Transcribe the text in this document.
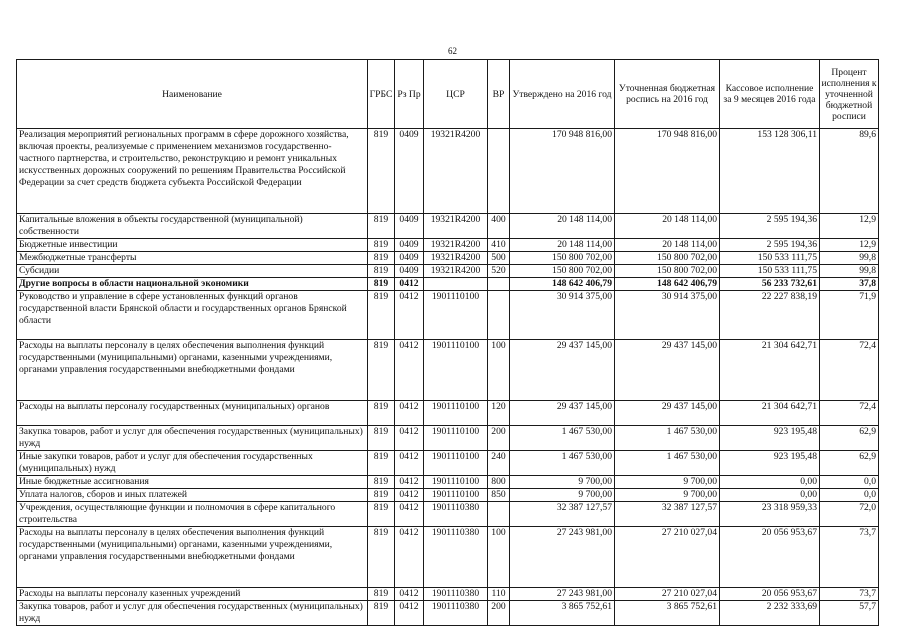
62
Наименование	ГРБС	Рз Пр	ЦСР	ВР	Утверждено на 2016 год	Уточненная бюджетная роспись на 2016 год	Кассовое исполнение за 9 месяцев 2016 года	Процент исполнения к уточненной бюджетной росписи
Реализация мероприятий региональных программ в сфере дорожного хозяйства, включая проекты, реализуемые с применением механизмов государственно-частного партнерства, и строительство, реконструкцию и ремонт уникальных искусственных дорожных сооружений по решениям Правительства Российской Федерации за счет средств бюджета субъекта Российской Федерации	819	0409	19321R4200		170 948 816,00	170 948 816,00	153 128 306,11	89,6
Капитальные вложения в объекты государственной (муниципальной) собственности	819	0409	19321R4200	400	20 148 114,00	20 148 114,00	2 595 194,36	12,9
Бюджетные инвестиции	819	0409	19321R4200	410	20 148 114,00	20 148 114,00	2 595 194,36	12,9
Межбюджетные трансферты	819	0409	19321R4200	500	150 800 702,00	150 800 702,00	150 533 111,75	99,8
Субсидии	819	0409	19321R4200	520	150 800 702,00	150 800 702,00	150 533 111,75	99,8
Другие вопросы в области национальной экономики	819	0412			148 642 406,79	148 642 406,79	56 233 732,61	37,8
Руководство и управление в сфере установленных функций органов государственной власти Брянской области и государственных органов Брянской области	819	0412	1901110100		30 914 375,00	30 914 375,00	22 227 838,19	71,9
Расходы на выплаты персоналу в целях обеспечения выполнения функций государственными (муниципальными) органами, казенными учреждениями, органами управления государственными внебюджетными фондами	819	0412	1901110100	100	29 437 145,00	29 437 145,00	21 304 642,71	72,4
Расходы на выплаты персоналу государственных (муниципальных) органов	819	0412	1901110100	120	29 437 145,00	29 437 145,00	21 304 642,71	72,4
Закупка товаров, работ и услуг для обеспечения государственных (муниципальных) нужд	819	0412	1901110100	200	1 467 530,00	1 467 530,00	923 195,48	62,9
Иные закупки товаров, работ и услуг для обеспечения государственных (муниципальных) нужд	819	0412	1901110100	240	1 467 530,00	1 467 530,00	923 195,48	62,9
Иные бюджетные ассигнования	819	0412	1901110100	800	9 700,00	9 700,00	0,00	0,0
Уплата налогов, сборов и иных платежей	819	0412	1901110100	850	9 700,00	9 700,00	0,00	0,0
Учреждения, осуществляющие функции и полномочия в сфере капитального строительства	819	0412	1901110380		32 387 127,57	32 387 127,57	23 318 959,33	72,0
Расходы на выплаты персоналу в целях обеспечения выполнения функций государственными (муниципальными) органами, казенными учреждениями, органами управления государственными внебюджетными фондами	819	0412	1901110380	100	27 243 981,00	27 210 027,04	20 056 953,67	73,7
Расходы на выплаты персоналу казенных учреждений	819	0412	1901110380	110	27 243 981,00	27 210 027,04	20 056 953,67	73,7
Закупка товаров, работ и услуг для обеспечения государственных (муниципальных) нужд	819	0412	1901110380	200	3 865 752,61	3 865 752,61	2 232 333,69	57,7
